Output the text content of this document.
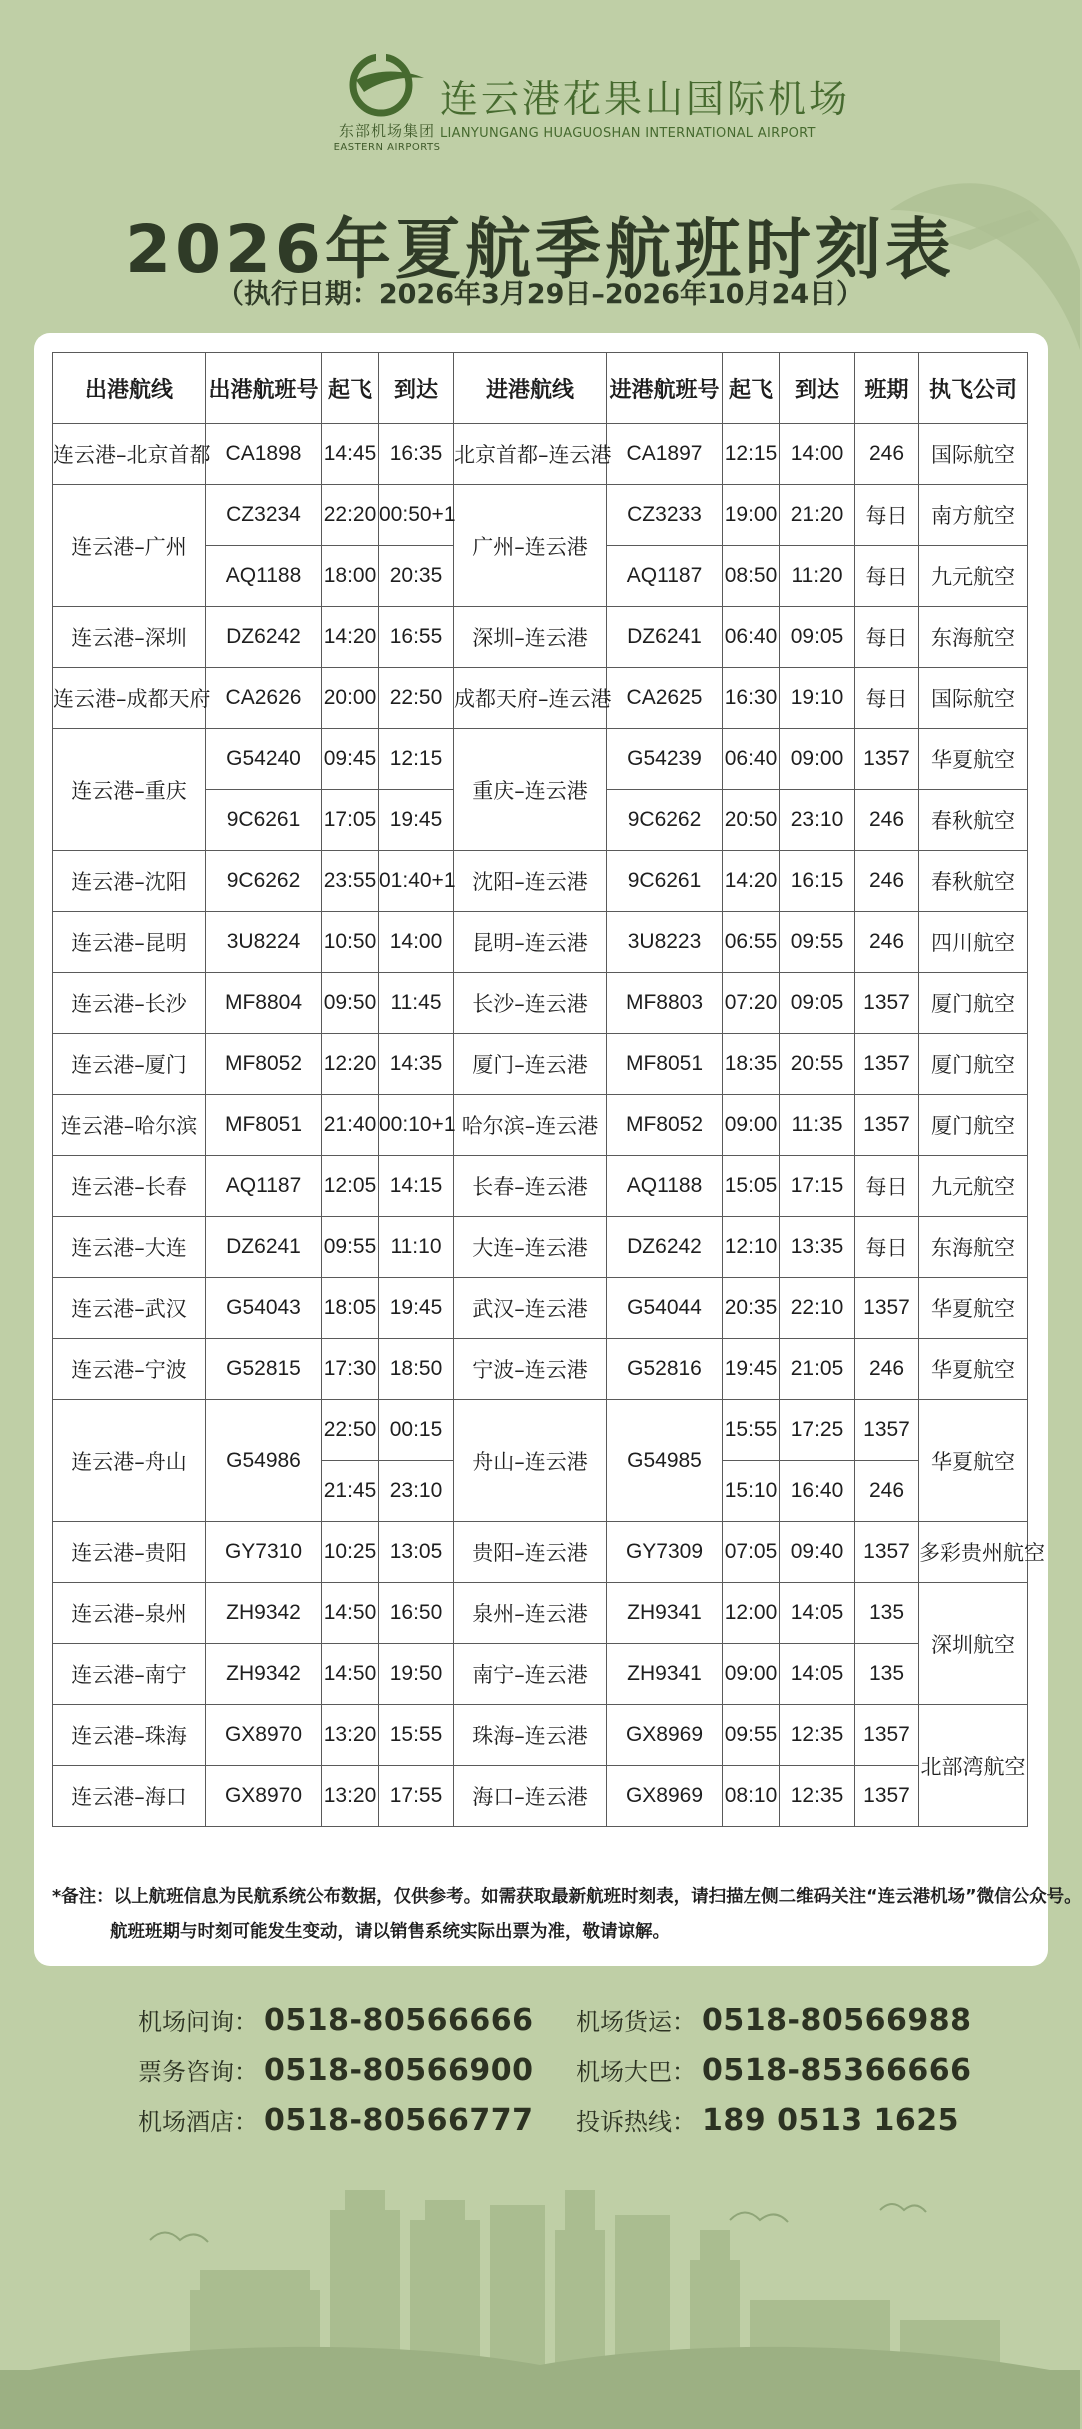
东部机场集团
EASTERN AIRPORTS
连云港花果山国际机场
LIANYUNGANG HUAGUOSHAN INTERNATIONAL AIRPORT
2026年夏航季航班时刻表
（执行日期：2026年3月29日–2026年10月24日）
出港航线	出港航班号	起飞	到达	进港航线	进港航班号	起飞	到达	班期	执飞公司
连云港–北京首都	CA1898	14:45	16:35	北京首都–连云港	CA1897	12:15	14:00	246	国际航空
连云港–广州	CZ3234	22:20	00:50+1	广州–连云港	CZ3233	19:00	21:20	每日	南方航空
	AQ1188	18:00	20:35		AQ1187	08:50	11:20	每日	九元航空
连云港–深圳	DZ6242	14:20	16:55	深圳–连云港	DZ6241	06:40	09:05	每日	东海航空
连云港–成都天府	CA2626	20:00	22:50	成都天府–连云港	CA2625	16:30	19:10	每日	国际航空
连云港–重庆	G54240	09:45	12:15	重庆–连云港	G54239	06:40	09:00	1357	华夏航空
	9C6261	17:05	19:45		9C6262	20:50	23:10	246	春秋航空
连云港–沈阳	9C6262	23:55	01:40+1	沈阳–连云港	9C6261	14:20	16:15	246	春秋航空
连云港–昆明	3U8224	10:50	14:00	昆明–连云港	3U8223	06:55	09:55	246	四川航空
连云港–长沙	MF8804	09:50	11:45	长沙–连云港	MF8803	07:20	09:05	1357	厦门航空
连云港–厦门	MF8052	12:20	14:35	厦门–连云港	MF8051	18:35	20:55	1357	厦门航空
连云港–哈尔滨	MF8051	21:40	00:10+1	哈尔滨–连云港	MF8052	09:00	11:35	1357	厦门航空
连云港–长春	AQ1187	12:05	14:15	长春–连云港	AQ1188	15:05	17:15	每日	九元航空
连云港–大连	DZ6241	09:55	11:10	大连–连云港	DZ6242	12:10	13:35	每日	东海航空
连云港–武汉	G54043	18:05	19:45	武汉–连云港	G54044	20:35	22:10	1357	华夏航空
连云港–宁波	G52815	17:30	18:50	宁波–连云港	G52816	19:45	21:05	246	华夏航空
连云港–舟山	G54986	22:50	00:15	舟山–连云港	G54985	15:55	17:25	1357	华夏航空
		21:45	23:10			15:10	16:40	246	
连云港–贵阳	GY7310	10:25	13:05	贵阳–连云港	GY7309	07:05	09:40	1357	多彩贵州航空
连云港–泉州	ZH9342	14:50	16:50	泉州–连云港	ZH9341	12:00	14:05	135	深圳航空
连云港–南宁	ZH9342	14:50	19:50	南宁–连云港	ZH9341	09:00	14:05	135	
连云港–珠海	GX8970	13:20	15:55	珠海–连云港	GX8969	09:55	12:35	1357	北部湾航空
连云港–海口	GX8970	13:20	17:55	海口–连云港	GX8969	08:10	12:35	1357	
*备注：以上航班信息为民航系统公布数据，仅供参考。如需获取最新航班时刻表，请扫描左侧二维码关注“连云港机场”微信公众号。
航班班期与时刻可能发生变动，请以销售系统实际出票为准，敬请谅解。
机场问询： 0518-80566666 机场货运： 0518-80566988
票务咨询： 0518-80566900 机场大巴： 0518-85366666
机场酒店： 0518-80566777 投诉热线： 189 0513 1625
